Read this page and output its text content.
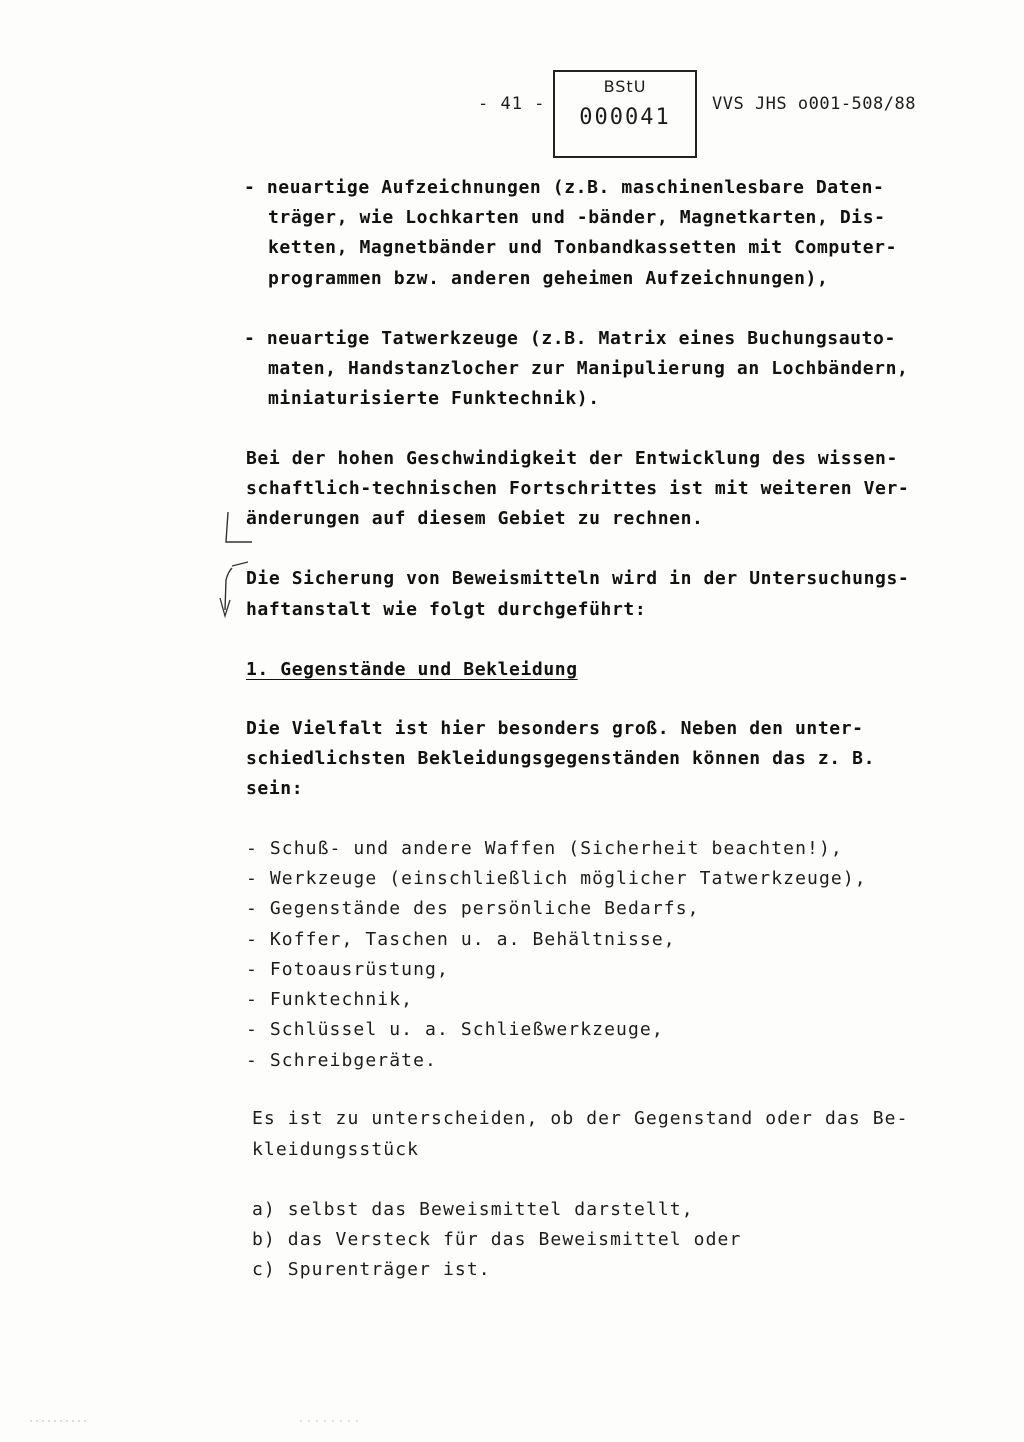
- 41 -
BStU
000041
VVS JHS o001-508/88
- neuartige Aufzeichnungen (z.B. maschinenlesbare Daten-
träger, wie Lochkarten und -bänder, Magnetkarten, Dis-
ketten, Magnetbänder und Tonbandkassetten mit Computer-
programmen bzw. anderen geheimen Aufzeichnungen),
- neuartige Tatwerkzeuge (z.B. Matrix eines Buchungsauto-
maten, Handstanzlocher zur Manipulierung an Lochbändern,
miniaturisierte Funktechnik).
Bei der hohen Geschwindigkeit der Entwicklung des wissen-
schaftlich-technischen Fortschrittes ist mit weiteren Ver-
änderungen auf diesem Gebiet zu rechnen.
Die Sicherung von Beweismitteln wird in der Untersuchungs-
haftanstalt wie folgt durchgeführt:
1. Gegenstände und Bekleidung
Die Vielfalt ist hier besonders groß. Neben den unter-
schiedlichsten Bekleidungsgegenständen können das z. B.
sein:
- Schuß- und andere Waffen (Sicherheit beachten!),
- Werkzeuge (einschließlich möglicher Tatwerkzeuge),
- Gegenstände des persönliche Bedarfs,
- Koffer, Taschen u. a. Behältnisse,
- Fotoausrüstung,
- Funktechnik,
- Schlüssel u. a. Schließwerkzeuge,
- Schreibgeräte.
Es ist zu unterscheiden, ob der Gegenstand oder das Be-
kleidungsstück
a) selbst das Beweismittel darstellt,
b) das Versteck für das Beweismittel oder
c) Spurenträger ist.
